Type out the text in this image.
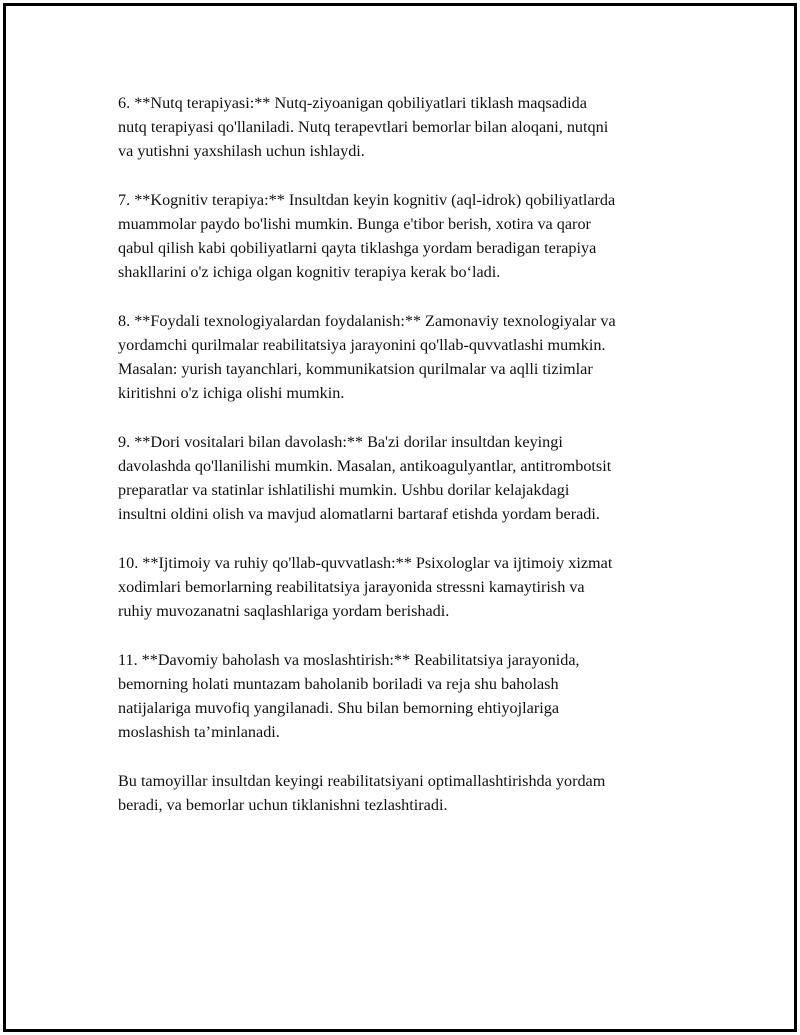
6. **Nutq terapiyasi:** Nutq-ziyoanigan qobiliyatlari tiklash maqsadida
nutq terapiyasi qo'llaniladi. Nutq terapevtlari bemorlar bilan aloqani, nutqni
va yutishni yaxshilash uchun ishlaydi.

7. **Kognitiv terapiya:** Insultdan keyin kognitiv (aql-idrok) qobiliyatlarda
muammolar paydo bo'lishi mumkin. Bunga e'tibor berish, xotira va qaror
qabul qilish kabi qobiliyatlarni qayta tiklashga yordam beradigan terapiya
shakllarini o'z ichiga olgan kognitiv terapiya kerak bo‘ladi.

8. **Foydali texnologiyalardan foydalanish:** Zamonaviy texnologiyalar va
yordamchi qurilmalar reabilitatsiya jarayonini qo'llab-quvvatlashi mumkin.
Masalan: yurish tayanchlari, kommunikatsion qurilmalar va aqlli tizimlar
kiritishni o'z ichiga olishi mumkin.

9. **Dori vositalari bilan davolash:** Ba'zi dorilar insultdan keyingi
davolashda qo'llanilishi mumkin. Masalan, antikoagulyantlar, antitrombotsit
preparatlar va statinlar ishlatilishi mumkin. Ushbu dorilar kelajakdagi
insultni oldini olish va mavjud alomatlarni bartaraf etishda yordam beradi.

10. **Ijtimoiy va ruhiy qo'llab-quvvatlash:** Psixologlar va ijtimoiy xizmat
xodimlari bemorlarning reabilitatsiya jarayonida stressni kamaytirish va
ruhiy muvozanatni saqlashlariga yordam berishadi.

11. **Davomiy baholash va moslashtirish:** Reabilitatsiya jarayonida,
bemorning holati muntazam baholanib boriladi va reja shu baholash
natijalariga muvofiq yangilanadi. Shu bilan bemorning ehtiyojlariga
moslashish ta’minlanadi.

Bu tamoyillar insultdan keyingi reabilitatsiyani optimallashtirishda yordam
beradi, va bemorlar uchun tiklanishni tezlashtiradi.
